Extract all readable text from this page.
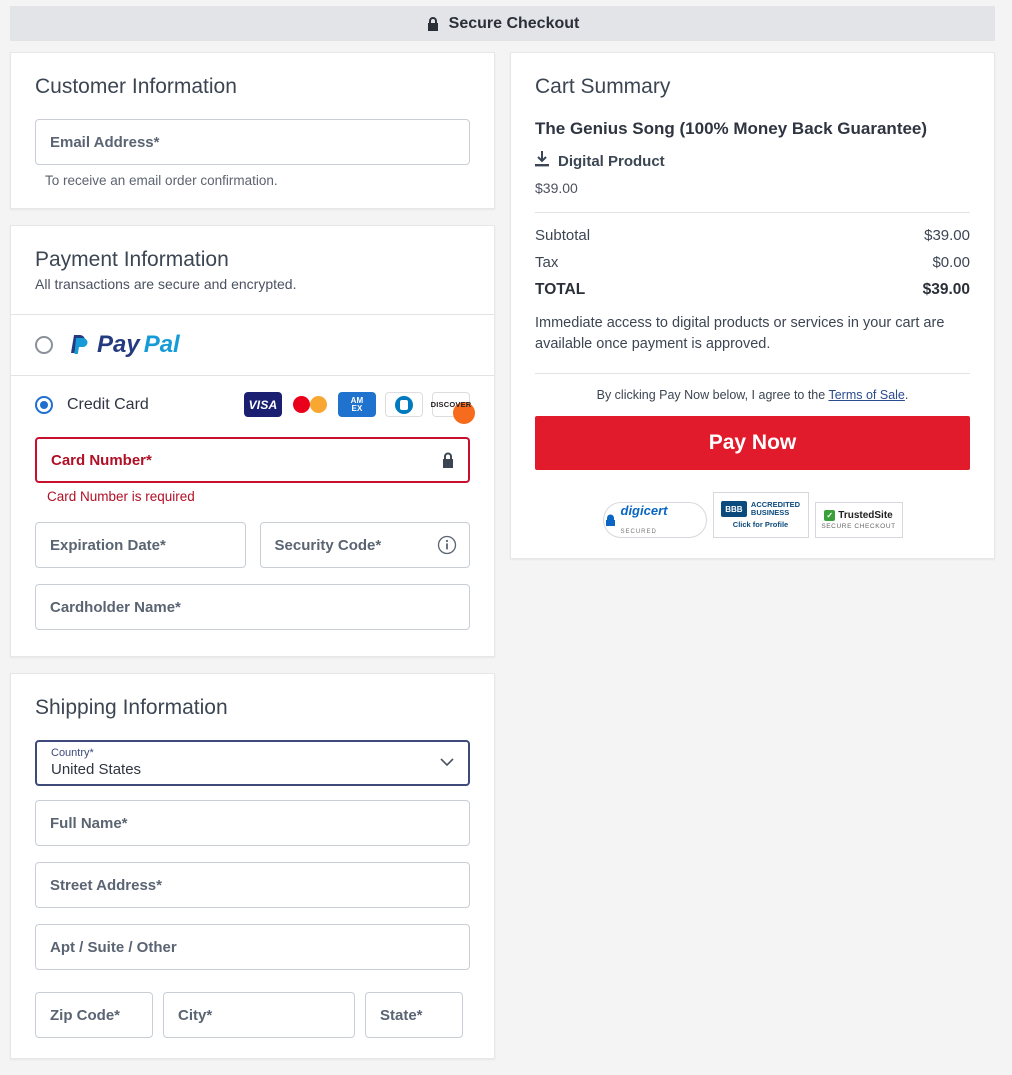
Secure Checkout
Customer Information
Email Address*
To receive an email order confirmation.
Payment Information

All transactions are secure and encrypted.

Pay Pal
Credit Card	VISA	AM
EX	DISCOVER
Card Number*
Card Number is required
Expiration Date*	Security Code*
Cardholder Name*
Shipping Information
Country*
United States
Full Name*
Street Address*
Apt / Suite / Other
Zip Code*	City*	State*
Cart Summary

The Genius Song (100% Money Back Guarantee)

Digital Product
$39.00
Subtotal	$39.00
Tax	$0.00
TOTAL	$39.00

Immediate access to digital products or services in your cart are available once payment is approved.

By clicking Pay Now below, I agree to the Terms of Sale.
Pay Now
digicert SECURED
BBB	ACCREDITED
BUSINESS
Click for Profile
✓ TrustedSite
SECURE CHECKOUT
